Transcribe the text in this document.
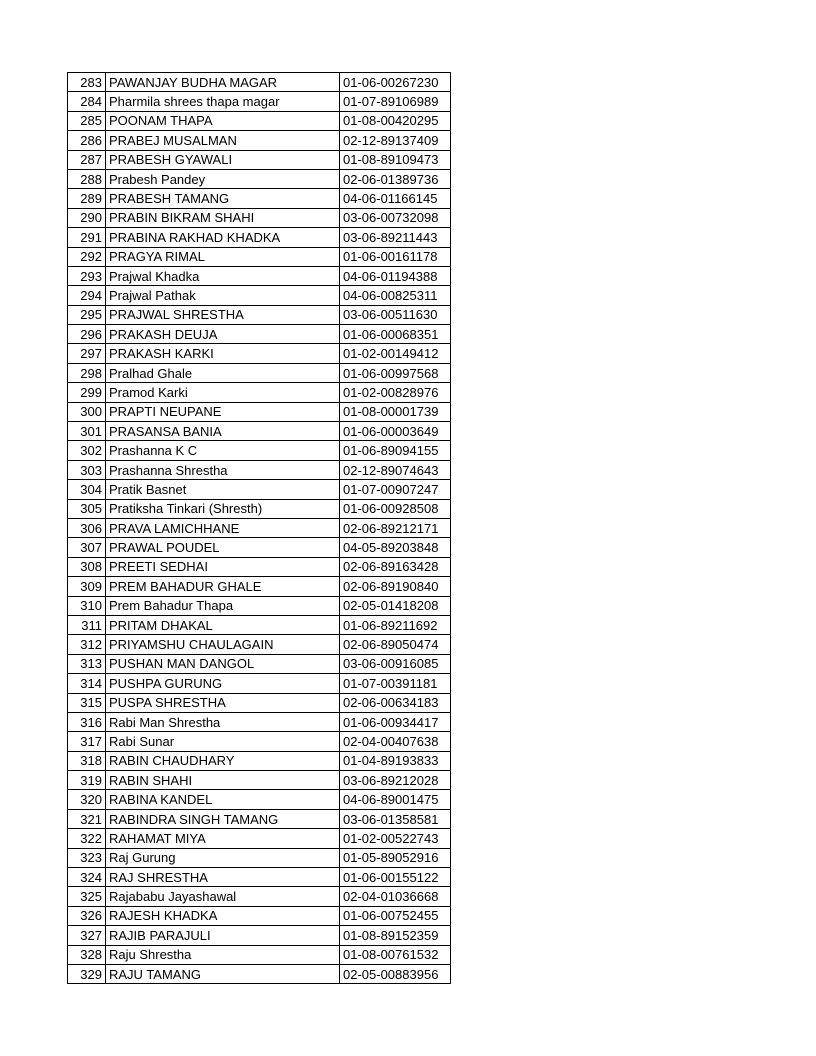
283	PAWANJAY BUDHA MAGAR	01-06-00267230
284	Pharmila shrees thapa magar	01-07-89106989
285	POONAM THAPA	01-08-00420295
286	PRABEJ MUSALMAN	02-12-89137409
287	PRABESH GYAWALI	01-08-89109473
288	Prabesh Pandey	02-06-01389736
289	PRABESH TAMANG	04-06-01166145
290	PRABIN BIKRAM SHAHI	03-06-00732098
291	PRABINA RAKHAD KHADKA	03-06-89211443
292	PRAGYA RIMAL	01-06-00161178
293	Prajwal Khadka	04-06-01194388
294	Prajwal Pathak	04-06-00825311
295	PRAJWAL SHRESTHA	03-06-00511630
296	PRAKASH DEUJA	01-06-00068351
297	PRAKASH KARKI	01-02-00149412
298	Pralhad Ghale	01-06-00997568
299	Pramod Karki	01-02-00828976
300	PRAPTI NEUPANE	01-08-00001739
301	PRASANSA BANIA	01-06-00003649
302	Prashanna K C	01-06-89094155
303	Prashanna Shrestha	02-12-89074643
304	Pratik Basnet	01-07-00907247
305	Pratiksha Tinkari (Shresth)	01-06-00928508
306	PRAVA LAMICHHANE	02-06-89212171
307	PRAWAL POUDEL	04-05-89203848
308	PREETI SEDHAI	02-06-89163428
309	PREM BAHADUR GHALE	02-06-89190840
310	Prem Bahadur Thapa	02-05-01418208
311	PRITAM DHAKAL	01-06-89211692
312	PRIYAMSHU CHAULAGAIN	02-06-89050474
313	PUSHAN MAN DANGOL	03-06-00916085
314	PUSHPA GURUNG	01-07-00391181
315	PUSPA SHRESTHA	02-06-00634183
316	Rabi Man Shrestha	01-06-00934417
317	Rabi Sunar	02-04-00407638
318	RABIN CHAUDHARY	01-04-89193833
319	RABIN SHAHI	03-06-89212028
320	RABINA KANDEL	04-06-89001475
321	RABINDRA SINGH TAMANG	03-06-01358581
322	RAHAMAT MIYA	01-02-00522743
323	Raj Gurung	01-05-89052916
324	RAJ SHRESTHA	01-06-00155122
325	Rajababu Jayashawal	02-04-01036668
326	RAJESH KHADKA	01-06-00752455
327	RAJIB PARAJULI	01-08-89152359
328	Raju Shrestha	01-08-00761532
329	RAJU TAMANG	02-05-00883956
